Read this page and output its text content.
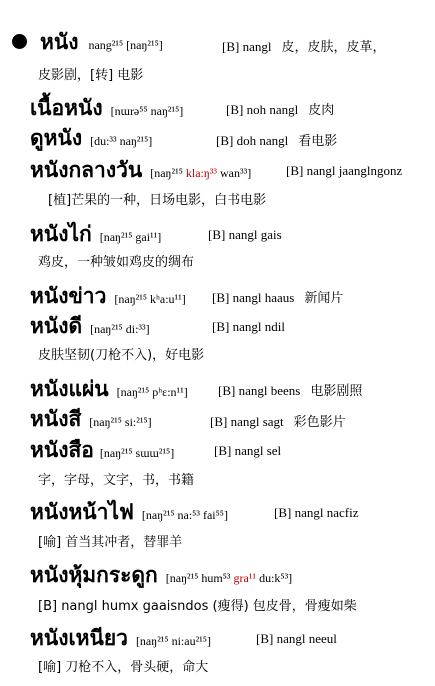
หนัง nang²¹⁵ [naŋ²¹⁵]	[B] nangl 皮，皮肤，皮革，
皮影剧，[转] 电影
เนื้อหนัง [nɯrə⁵⁵ naŋ²¹⁵]	[B] noh nangl 皮肉
ดูหนัง [du:³³ naŋ²¹⁵]	[B] doh nangl 看电影
หนังกลางวัน [naŋ²¹⁵ kla:ŋ³³ wan³³]	[B] nangl jaanglngonz
[植]芒果的一种，日场电影，白书电影
หนังไก่ [naŋ²¹⁵ gai¹¹]	[B] nangl gais
鸡皮，一种皱如鸡皮的绸布
หนังข่าว [naŋ²¹⁵ kʰa:u¹¹] [B] nangl haaus 新闻片
หนังดี [naŋ²¹⁵ di:³³]	[B] nangl ndil
皮肤坚韧(刀枪不入)，好电影
หนังแผ่น [naŋ²¹⁵ pʰɛ:n¹¹] [B] nangl beens 电影剧照
หนังสี [naŋ²¹⁵ si:²¹⁵]	[B] nangl sagt 彩色影片
หนังสือ [naŋ²¹⁵ sɯɯ²¹⁵]	[B] nangl sel
字，字母，文字，书，书籍
หนังหน้าไฟ [naŋ²¹⁵ na:⁵³ fai⁵⁵]	[B] nangl nacfiz
[喻] 首当其冲者，替罪羊
หนังหุ้มกระดูก [naŋ²¹⁵ hum⁵³ gra¹¹ du:k⁵³]
[B] nangl humx gaaisndos (瘦得) 包皮骨，骨瘦如柴
หนังเหนียว [naŋ²¹⁵ ni:au²¹⁵]	[B] nangl neeul
[喻] 刀枪不入，骨头硬，命大
